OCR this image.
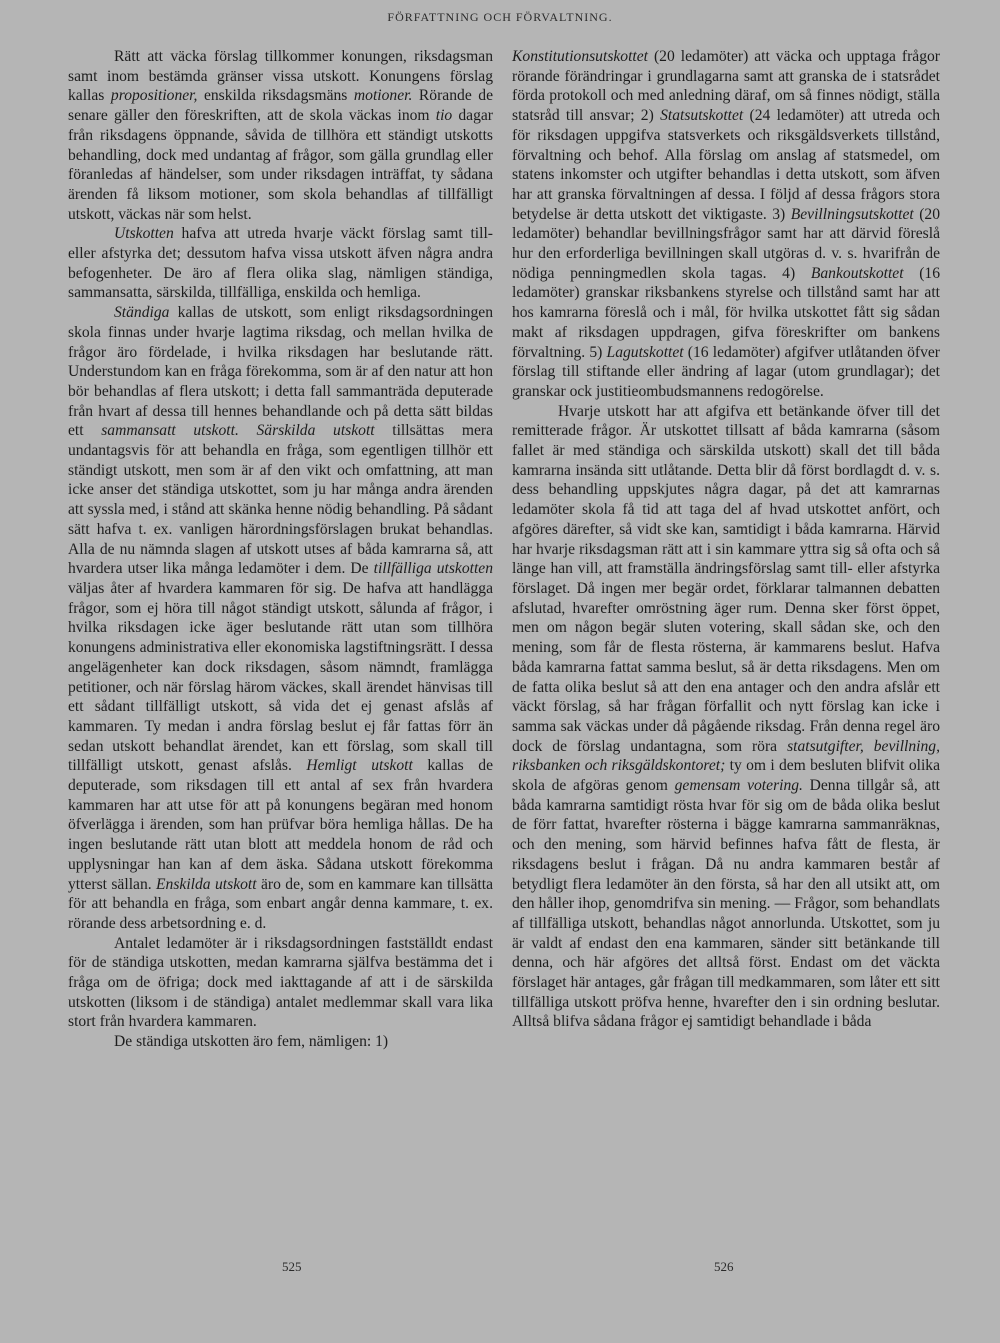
FÖRFATTNING OCH FÖRVALTNING.

Rätt att väcka förslag tillkommer konungen, riksdagsman samt inom bestämda gränser vissa utskott. Konungens förslag kallas propositioner, enskilda riksdagsmäns motioner. Rörande de senare gäller den föreskriften, att de skola väckas inom tio dagar från riksdagens öppnande, såvida de tillhöra ett ständigt utskotts behandling, dock med undantag af frågor, som gälla grundlag eller föranledas af händelser, som under riksdagen inträffat, ty sådana ärenden få liksom motioner, som skola behandlas af tillfälligt utskott, väckas när som helst.

Utskotten hafva att utreda hvarje väckt förslag samt till- eller afstyrka det; dessutom hafva vissa utskott äfven några andra befogenheter. De äro af flera olika slag, nämligen ständiga, sammansatta, särskilda, tillfälliga, enskilda och hemliga.

Ständiga kallas de utskott, som enligt riksdagsordningen skola finnas under hvarje lagtima riksdag, och mellan hvilka de frågor äro fördelade, i hvilka riksdagen har beslutande rätt. Understundom kan en fråga förekomma, som är af den natur att hon bör behandlas af flera utskott; i detta fall sammanträda deputerade från hvart af dessa till hennes behandlande och på detta sätt bildas ett sammansatt utskott. Särskilda utskott tillsättas mera undantagsvis för att behandla en fråga, som egentligen tillhör ett ständigt utskott, men som är af den vikt och omfattning, att man icke anser det ständiga utskottet, som ju har många andra ärenden att syssla med, i stånd att skänka henne nödig behandling. På sådant sätt hafva t. ex. vanligen härordningsförslagen brukat behandlas. Alla de nu nämnda slagen af utskott utses af båda kamrarna så, att hvardera utser lika många ledamöter i dem. De tillfälliga utskotten väljas åter af hvardera kammaren för sig. De hafva att handlägga frågor, som ej höra till något ständigt utskott, sålunda af frågor, i hvilka riksdagen icke äger beslutande rätt utan som tillhöra konungens administrativa eller ekonomiska lagstiftningsrätt. I dessa angelägenheter kan dock riksdagen, såsom nämndt, framlägga petitioner, och när förslag härom väckes, skall ärendet hänvisas till ett sådant tillfälligt utskott, så vida det ej genast afslås af kammaren. Ty medan i andra förslag beslut ej får fattas förr än sedan utskott behandlat ärendet, kan ett förslag, som skall till tillfälligt utskott, genast afslås. Hemligt utskott kallas de deputerade, som riksdagen till ett antal af sex från hvardera kammaren har att utse för att på konungens begäran med honom öfverlägga i ärenden, som han prüfvar böra hemliga hållas. De ha ingen beslutande rätt utan blott att meddela honom de råd och upplysningar han kan af dem äska. Sådana utskott förekomma ytterst sällan. Enskilda utskott äro de, som en kammare kan tillsätta för att behandla en fråga, som enbart angår denna kammare, t. ex. rörande dess arbetsordning e. d.

Antalet ledamöter är i riksdagsordningen fastställdt endast för de ständiga utskotten, medan kamrarna själfva bestämma det i fråga om de öfriga; dock med iakttagande af att i de särskilda utskotten (liksom i de ständiga) antalet medlemmar skall vara lika stort från hvardera kammaren.

De ständiga utskotten äro fem, nämligen: 1)

Konstitutionsutskottet (20 ledamöter) att väcka och upptaga frågor rörande förändringar i grundlagarna samt att granska de i statsrådet förda protokoll och med anledning däraf, om så finnes nödigt, ställa statsråd till ansvar; 2) Statsutskottet (24 ledamöter) att utreda och för riksdagen uppgifva statsverkets och riksgäldsverkets tillstånd, förvaltning och behof. Alla förslag om anslag af statsmedel, om statens inkomster och utgifter behandlas i detta utskott, som äfven har att granska förvaltningen af dessa. I följd af dessa frågors stora betydelse är detta utskott det viktigaste. 3) Bevillningsutskottet (20 ledamöter) behandlar bevillningsfrågor samt har att därvid föreslå hur den erforderliga bevillningen skall utgöras d. v. s. hvarifrån de nödiga penningmedlen skola tagas. 4) Bankoutskottet (16 ledamöter) granskar riksbankens styrelse och tillstånd samt har att hos kamrarna föreslå och i mål, för hvilka utskottet fått sig sådan makt af riksdagen uppdragen, gifva föreskrifter om bankens förvaltning. 5) Lagutskottet (16 ledamöter) afgifver utlåtanden öfver förslag till stiftande eller ändring af lagar (utom grundlagar); det granskar ock justitieombudsmannens redogörelse.

Hvarje utskott har att afgifva ett betänkande öfver till det remitterade frågor. Är utskottet tillsatt af båda kamrarna (såsom fallet är med ständiga och särskilda utskott) skall det till båda kamrarna insända sitt utlåtande. Detta blir då först bordlagdt d. v. s. dess behandling uppskjutes några dagar, på det att kamrarnas ledamöter skola få tid att taga del af hvad utskottet anfört, och afgöres därefter, så vidt ske kan, samtidigt i båda kamrarna. Härvid har hvarje riksdagsman rätt att i sin kammare yttra sig så ofta och så länge han vill, att framställa ändringsförslag samt till- eller afstyrka förslaget. Då ingen mer begär ordet, förklarar talmannen debatten afslutad, hvarefter omröstning äger rum. Denna sker först öppet, men om någon begär sluten votering, skall sådan ske, och den mening, som får de flesta rösterna, är kammarens beslut. Hafva båda kamrarna fattat samma beslut, så är detta riksdagens. Men om de fatta olika beslut så att den ena antager och den andra afslår ett väckt förslag, så har frågan förfallit och nytt förslag kan icke i samma sak väckas under då pågående riksdag. Från denna regel äro dock de förslag undantagna, som röra statsutgifter, bevillning, riksbanken och riksgäldskontoret; ty om i dem besluten blifvit olika skola de afgöras genom gemensam votering. Denna tillgår så, att båda kamrarna samtidigt rösta hvar för sig om de båda olika beslut de förr fattat, hvarefter rösterna i bägge kamrarna sammanräknas, och den mening, som härvid befinnes hafva fått de flesta, är riksdagens beslut i frågan. Då nu andra kammaren består af betydligt flera ledamöter än den första, så har den all utsikt att, om den håller ihop, genomdrifva sin mening. — Frågor, som behandlats af tillfälliga utskott, behandlas något annorlunda. Utskottet, som ju är valdt af endast den ena kammaren, sänder sitt betänkande till denna, och här afgöres det alltså först. Endast om det väckta förslaget här antages, går frågan till medkammaren, som låter ett sitt tillfälliga utskott pröfva henne, hvarefter den i sin ordning beslutar. Alltså blifva sådana frågor ej samtidigt behandlade i båda

525	526
